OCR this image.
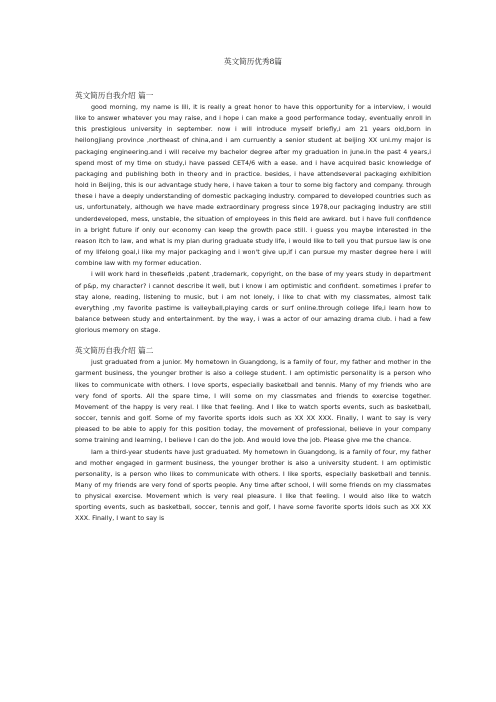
英文简历优秀8篇
英文简历自我介绍 篇一

good morning, my name is lili, it is really a great honor to have this opportunity for a interview, i would like to answer whatever you may raise, and i hope i can make a good performance today, eventually enroll in this prestigious university in september. now i will introduce myself briefly,i am 21 years old,born in heilongjiang province ,northeast of china,and i am curruently a senior student at beijing XX uni.my major is packaging engineering.and i will receive my bachelor degree after my graduation in june.in the past 4 years,i spend most of my time on study,i have passed CET4/6 with a ease. and i have acquired basic knowledge of packaging and publishing both in theory and in practice. besides, i have attendseveral packaging exhibition hold in Beijing, this is our advantage study here, i have taken a tour to some big factory and company. through these i have a deeply understanding of domestic packaging industry. compared to developed countries such as us, unfortunately, although we have made extraordinary progress since 1978,our packaging industry are still underdeveloped, mess, unstable, the situation of employees in this field are awkard. but i have full confidence in a bright future if only our economy can keep the growth pace still. i guess you maybe interested in the reason itch to law, and what is my plan during graduate study life, i would like to tell you that pursue law is one of my lifelong goal,i like my major packaging and i won't give up,if i can pursue my master degree here i will combine law with my former education.

i will work hard in thesefields ,patent ,trademark, copyright, on the base of my years study in department of p&p, my character? i cannot describe it well, but i know i am optimistic and confident. sometimes i prefer to stay alone, reading, listening to music, but i am not lonely, i like to chat with my classmates, almost talk everything ,my favorite pastime is valleyball,playing cards or surf online.through college life,i learn how to balance between study and entertainment. by the way, i was a actor of our amazing drama club. i had a few glorious memory on stage.

英文简历自我介绍 篇二

just graduated from a junior. My hometown in Guangdong, is a family of four, my father and mother in the garment business, the younger brother is also a college student. I am optimistic personality is a person who likes to communicate with others. I love sports, especially basketball and tennis. Many of my friends who are very fond of sports. All the spare time, I will some on my classmates and friends to exercise together. Movement of the happy is very real. I like that feeling. And I like to watch sports events, such as basketball, soccer, tennis and golf. Some of my favorite sports idols such as XX XX XXX. Finally, I want to say is very pleased to be able to apply for this position today, the movement of professional, believe in your company some training and learning, I believe I can do the job. And would love the job. Please give me the chance.

Iam a third-year students have just graduated. My hometown in Guangdong, is a family of four, my father and mother engaged in garment business, the younger brother is also a university student. I am optimistic personality, is a person who likes to communicate with others. I like sports, especially basketball and tennis. Many of my friends are very fond of sports people. Any time after school, I will some friends on my classmates to physical exercise. Movement which is very real pleasure. I like that feeling. I would also like to watch sporting events, such as basketball, soccer, tennis and golf, I have some favorite sports idols such as XX XX XXX. Finally, I want to say is
